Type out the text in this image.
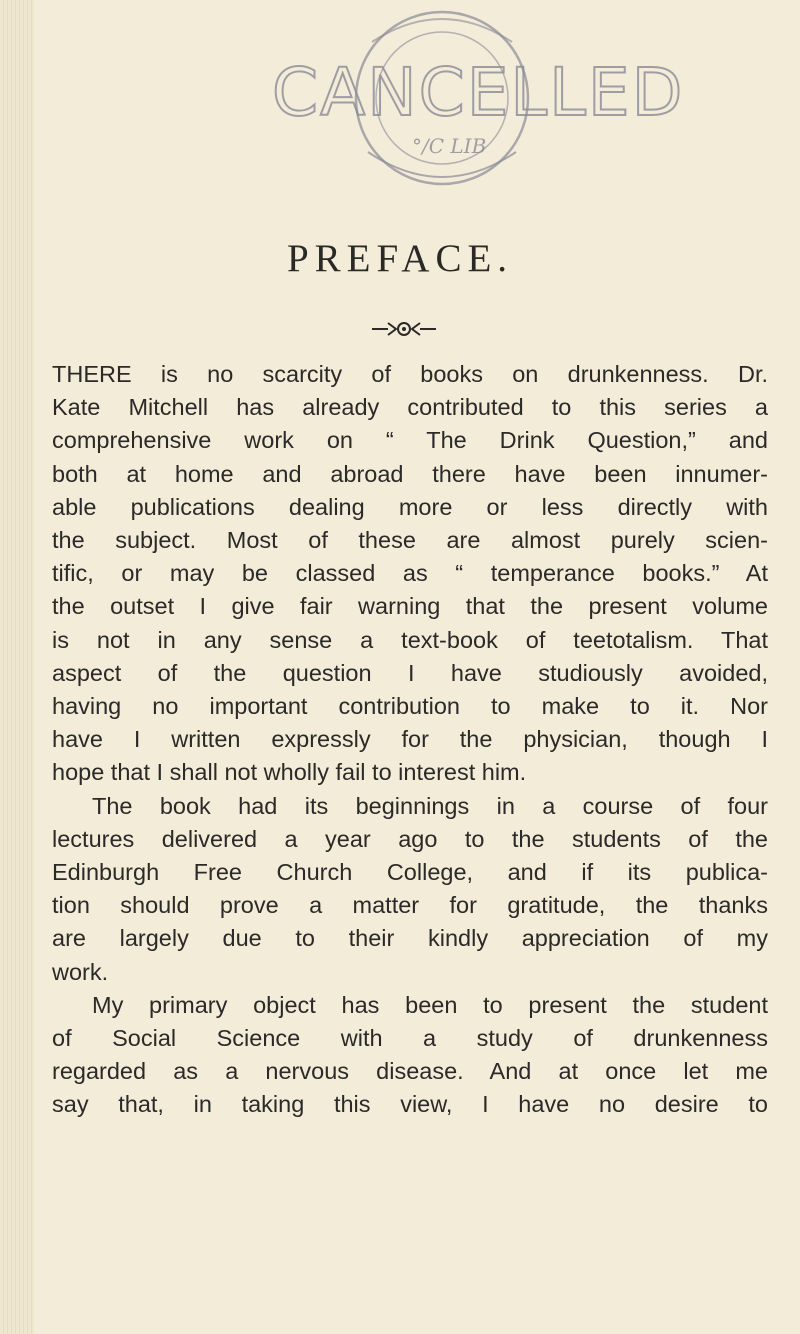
CANCELLED
°/C LIB
PREFACE.
THERE is no scarcity of books on drunkenness. Dr.
Kate Mitchell has already contributed to this series a
comprehensive work on “ The Drink Question,” and
both at home and abroad there have been innumer-
able publications dealing more or less directly with
the subject. Most of these are almost purely scien-
tific, or may be classed as “ temperance books.” At
the outset I give fair warning that the present volume
is not in any sense a text-book of teetotalism. That
aspect of the question I have studiously avoided,
having no important contribution to make to it. Nor
have I written expressly for the physician, though I
hope that I shall not wholly fail to interest him.
The book had its beginnings in a course of four
lectures delivered a year ago to the students of the
Edinburgh Free Church College, and if its publica-
tion should prove a matter for gratitude, the thanks
are largely due to their kindly appreciation of my
work.
My primary object has been to present the student
of Social Science with a study of drunkenness
regarded as a nervous disease. And at once let me
say that, in taking this view, I have no desire to
